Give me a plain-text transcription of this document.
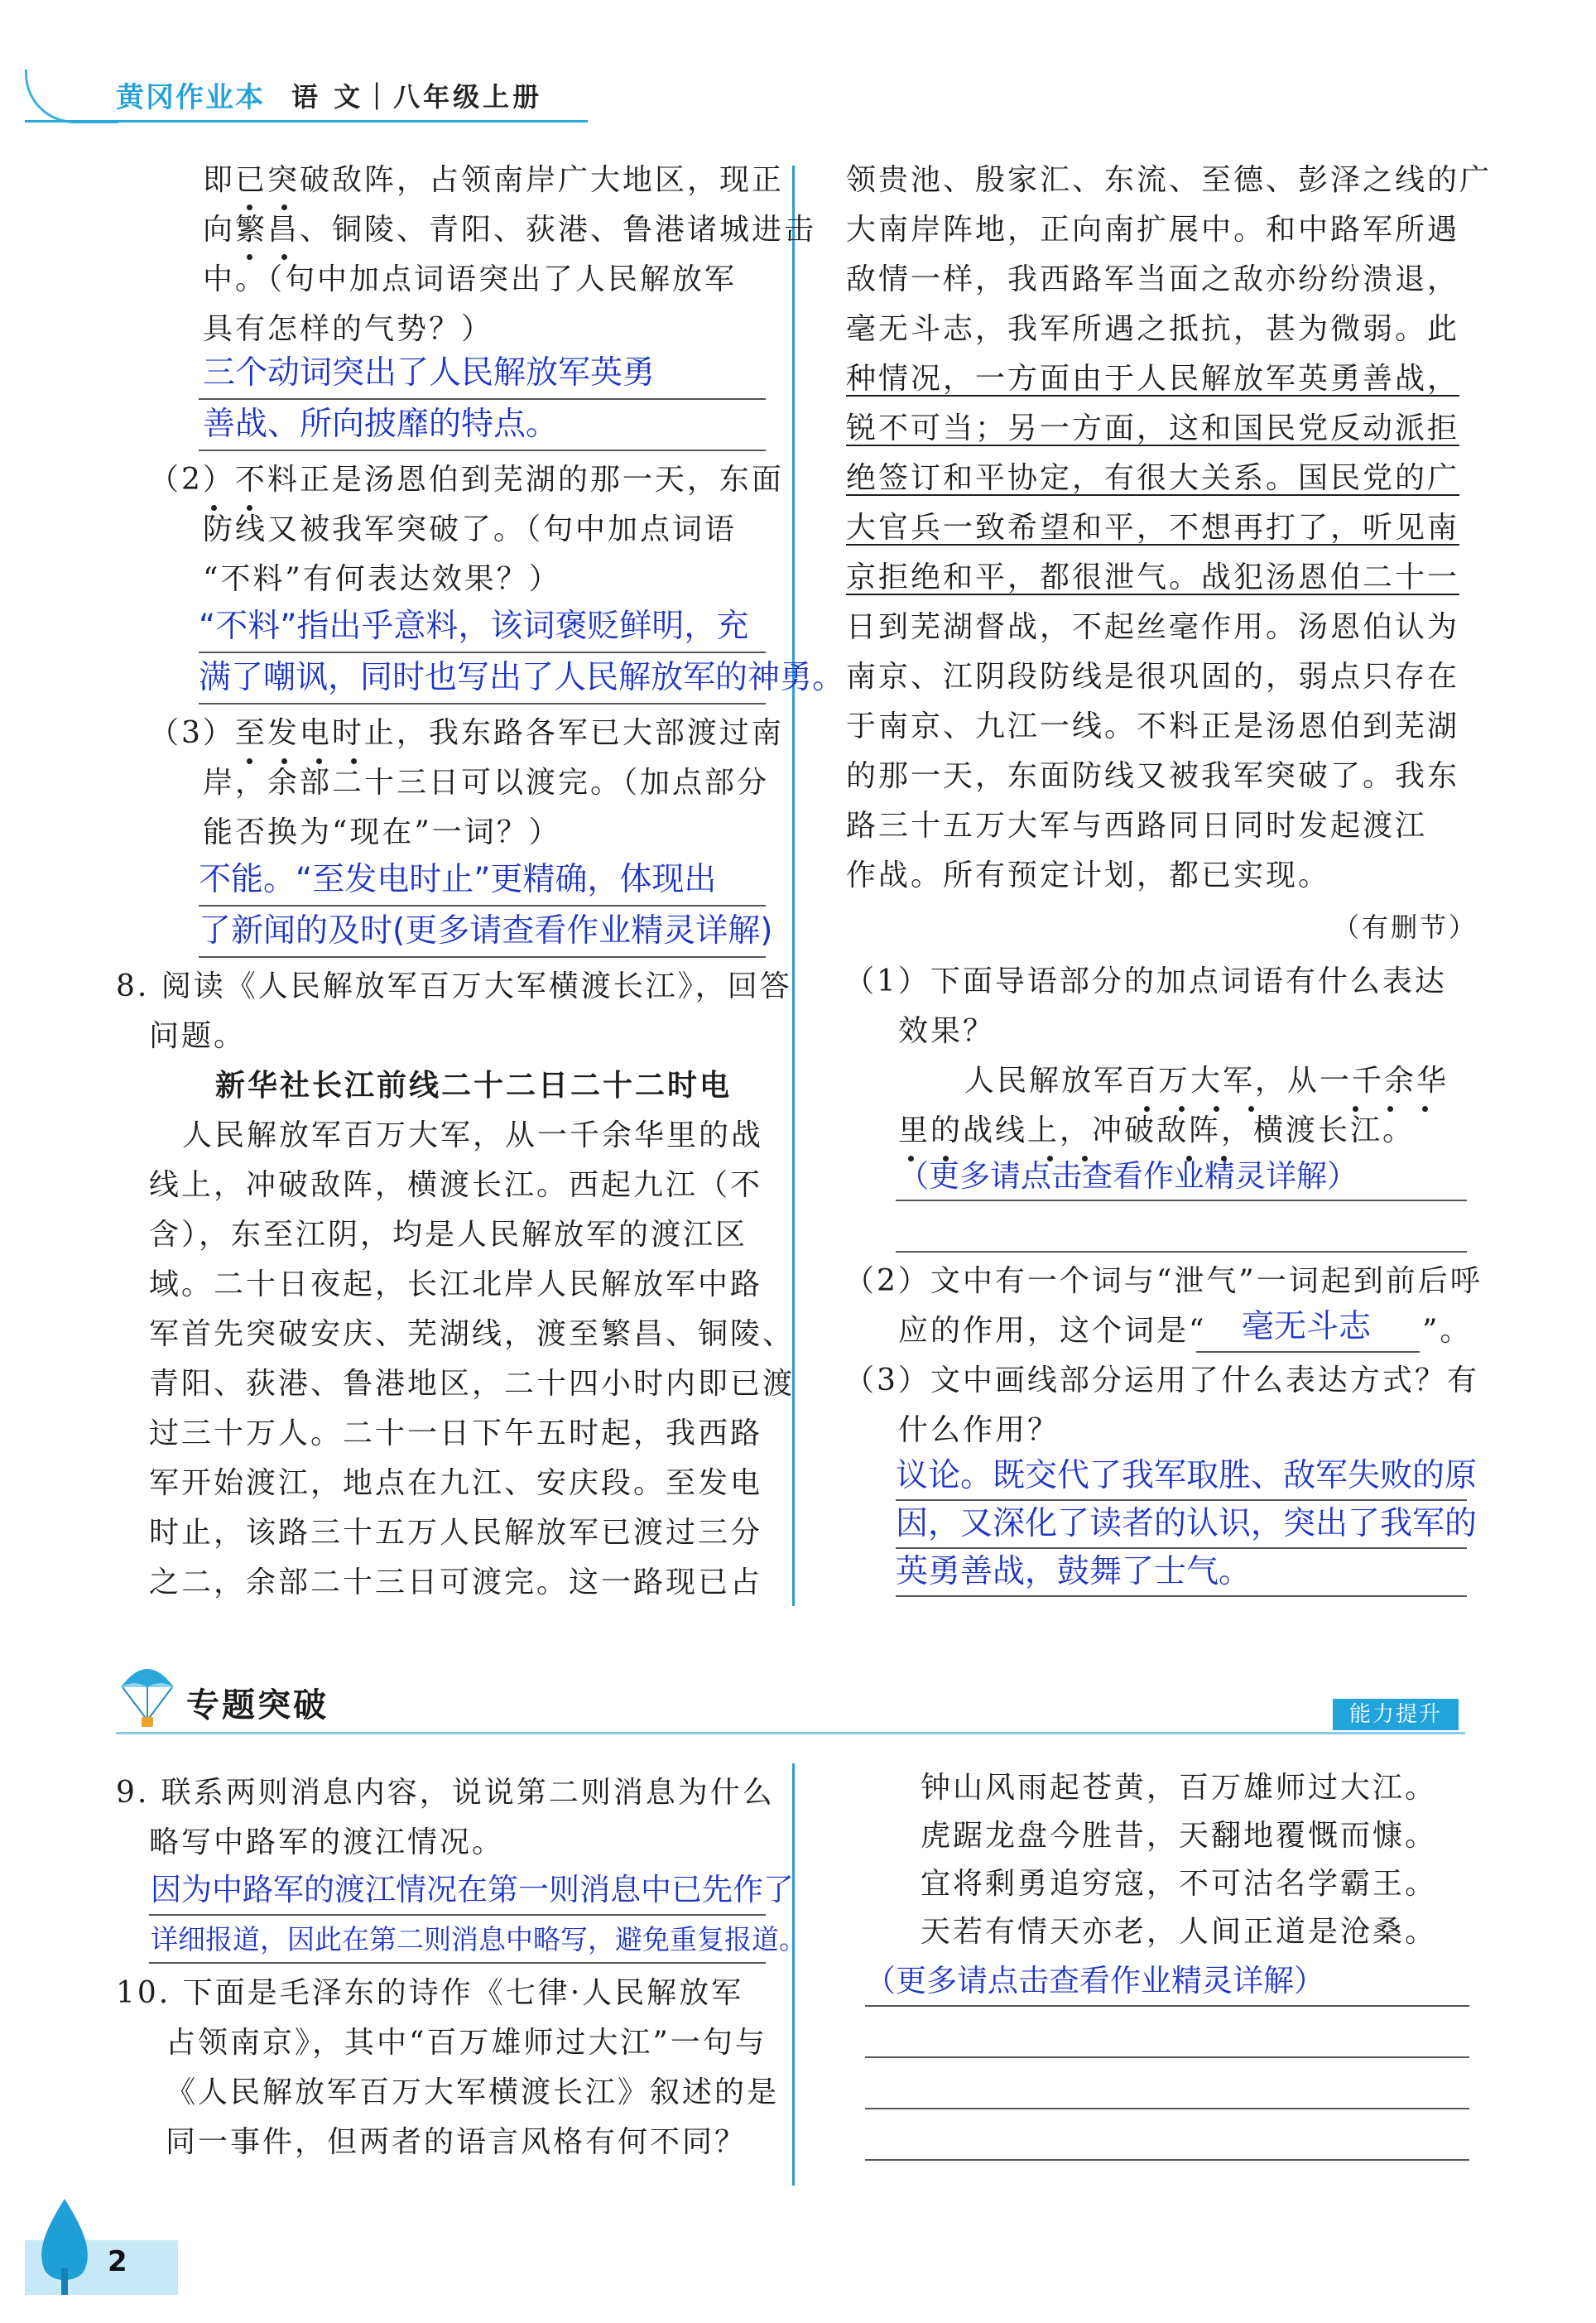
黄冈作业本 语 文｜八年级上册
即已突破敌阵，占领南岸广大地区，现正
向繁昌、铜陵、青阳、荻港、鲁港诸城进击
中。（句中加点词语突出了人民解放军
具有怎样的气势？）
三个动词突出了人民解放军英勇
善战、所向披靡的特点。
（2）不料正是汤恩伯到芜湖的那一天，东面
防线又被我军突破了。（句中加点词语
“不料”有何表达效果？）
“不料”指出乎意料，该词褒贬鲜明，充
满了嘲讽，同时也写出了人民解放军的神勇。
（3）至发电时止，我东路各军已大部渡过南
岸，余部二十三日可以渡完。（加点部分
能否换为“现在”一词？）
不能。“至发电时止”更精确，体现出
了新闻的及时(更多请查看作业精灵详解)
8. 阅读《人民解放军百万大军横渡长江》，回答
问题。
新华社长江前线二十二日二十二时电
人民解放军百万大军，从一千余华里的战
线上，冲破敌阵，横渡长江。西起九江（不
含），东至江阴，均是人民解放军的渡江区
域。二十日夜起，长江北岸人民解放军中路
军首先突破安庆、芜湖线，渡至繁昌、铜陵、
青阳、荻港、鲁港地区，二十四小时内即已渡
过三十万人。二十一日下午五时起，我西路
军开始渡江，地点在九江、安庆段。至发电
时止，该路三十五万人民解放军已渡过三分
之二，余部二十三日可渡完。这一路现已占
领贵池、殷家汇、东流、至德、彭泽之线的广
大南岸阵地，正向南扩展中。和中路军所遇
敌情一样，我西路军当面之敌亦纷纷溃退，
毫无斗志，我军所遇之抵抗，甚为微弱。此
种情况，一方面由于人民解放军英勇善战，
锐不可当；另一方面，这和国民党反动派拒
绝签订和平协定，有很大关系。国民党的广
大官兵一致希望和平，不想再打了，听见南
京拒绝和平，都很泄气。战犯汤恩伯二十一
日到芜湖督战，不起丝毫作用。汤恩伯认为
南京、江阴段防线是很巩固的，弱点只存在
于南京、九江一线。不料正是汤恩伯到芜湖
的那一天，东面防线又被我军突破了。我东
路三十五万大军与西路同日同时发起渡江
作战。所有预定计划，都已实现。
（有删节）
（1）下面导语部分的加点词语有什么表达
效果？
人民解放军百万大军，从一千余华
里的战线上，冲破敌阵，横渡长江。
（更多请点击查看作业精灵详解）
（2）文中有一个词与“泄气”一词起到前后呼
应的作用，这个词是“ 毫无斗志 ”。
（3）文中画线部分运用了什么表达方式？有
什么作用？
议论。既交代了我军取胜、敌军失败的原
因，又深化了读者的认识，突出了我军的
英勇善战，鼓舞了士气。
专题突破	能力提升
9. 联系两则消息内容，说说第二则消息为什么
略写中路军的渡江情况。
因为中路军的渡江情况在第一则消息中已先作了
详细报道，因此在第二则消息中略写，避免重复报道。
10. 下面是毛泽东的诗作《七律·人民解放军
占领南京》，其中“百万雄师过大江”一句与
《人民解放军百万大军横渡长江》叙述的是
同一事件，但两者的语言风格有何不同？
钟山风雨起苍黄，百万雄师过大江。
虎踞龙盘今胜昔，天翻地覆慨而慷。
宜将剩勇追穷寇，不可沽名学霸王。
天若有情天亦老，人间正道是沧桑。
（更多请点击查看作业精灵详解）
2
